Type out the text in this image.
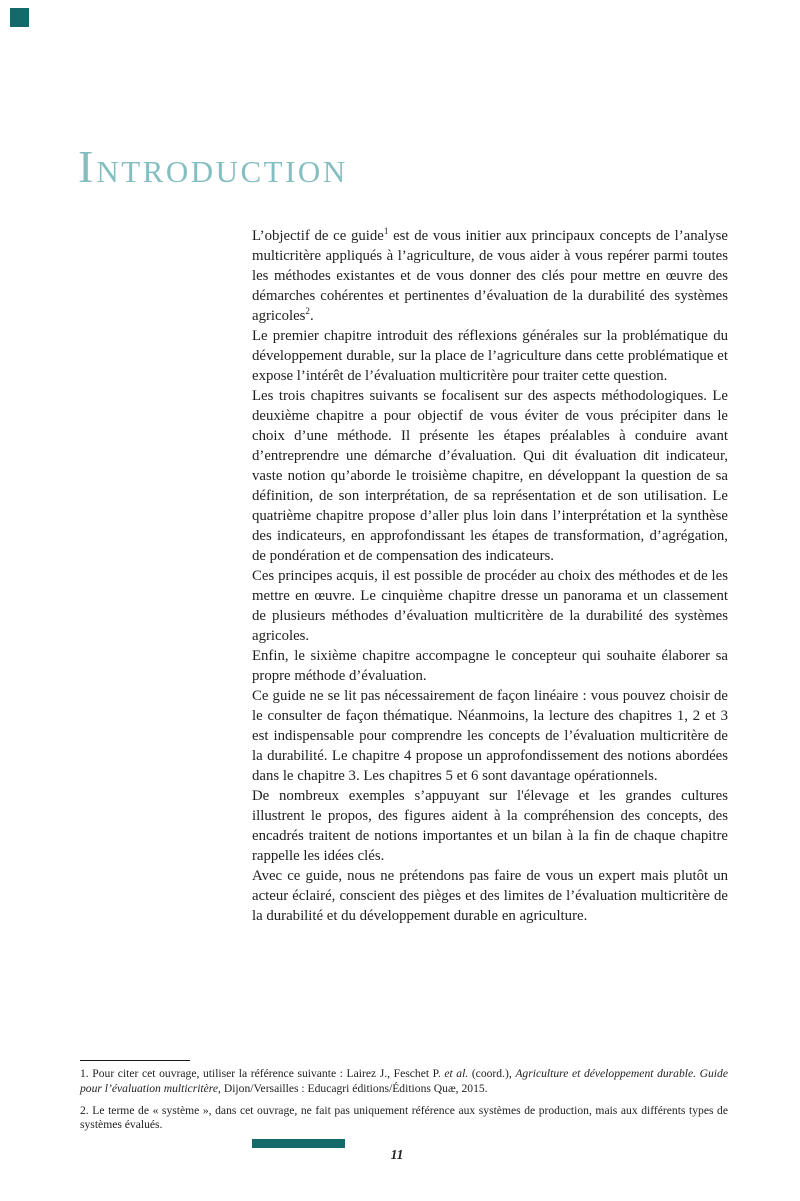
INTRODUCTION

L’objectif de ce guide$^1$ est de vous initier aux principaux concepts de l’analyse multicritère appliqués à l’agriculture, de vous aider à vous repérer parmi toutes les méthodes existantes et de vous donner des clés pour mettre en œuvre des démarches cohérentes et pertinentes d’évaluation de la durabilité des systèmes agricoles$^2$.

Le premier chapitre introduit des réflexions générales sur la problématique du développement durable, sur la place de l’agriculture dans cette problématique et expose l’intérêt de l’évaluation multicritère pour traiter cette question.

Les trois chapitres suivants se focalisent sur des aspects méthodologiques. Le deuxième chapitre a pour objectif de vous éviter de vous précipiter dans le choix d’une méthode. Il présente les étapes préalables à conduire avant d’entreprendre une démarche d’évaluation. Qui dit évaluation dit indicateur, vaste notion qu’aborde le troisième chapitre, en développant la question de sa définition, de son interprétation, de sa représentation et de son utilisation. Le quatrième chapitre propose d’aller plus loin dans l’interprétation et la synthèse des indicateurs, en approfondissant les étapes de transformation, d’agrégation, de pondération et de compensation des indicateurs.

Ces principes acquis, il est possible de procéder au choix des méthodes et de les mettre en œuvre. Le cinquième chapitre dresse un panorama et un classement de plusieurs méthodes d’évaluation multicritère de la durabilité des systèmes agricoles.

Enfin, le sixième chapitre accompagne le concepteur qui souhaite élaborer sa propre méthode d’évaluation.

Ce guide ne se lit pas nécessairement de façon linéaire : vous pouvez choisir de le consulter de façon thématique. Néanmoins, la lecture des chapitres 1, 2 et 3 est indispensable pour comprendre les concepts de l’évaluation multicritère de la durabilité. Le chapitre 4 propose un approfondissement des notions abordées dans le chapitre 3. Les chapitres 5 et 6 sont davantage opérationnels.

De nombreux exemples s’appuyant sur l'élevage et les grandes cultures illustrent le propos, des figures aident à la compréhension des concepts, des encadrés traitent de notions importantes et un bilan à la fin de chaque chapitre rappelle les idées clés.

Avec ce guide, nous ne prétendons pas faire de vous un expert mais plutôt un acteur éclairé, conscient des pièges et des limites de l’évaluation multicritère de la durabilité et du développement durable en agriculture.

1. Pour citer cet ouvrage, utiliser la référence suivante : Lairez J., Feschet P. et al. (coord.), Agriculture et développement durable. Guide pour l’évaluation multicritère, Dijon/Versailles : Educagri éditions/Éditions Quæ, 2015.

2. Le terme de « système », dans cet ouvrage, ne fait pas uniquement référence aux systèmes de production, mais aux différents types de systèmes évalués.

11
